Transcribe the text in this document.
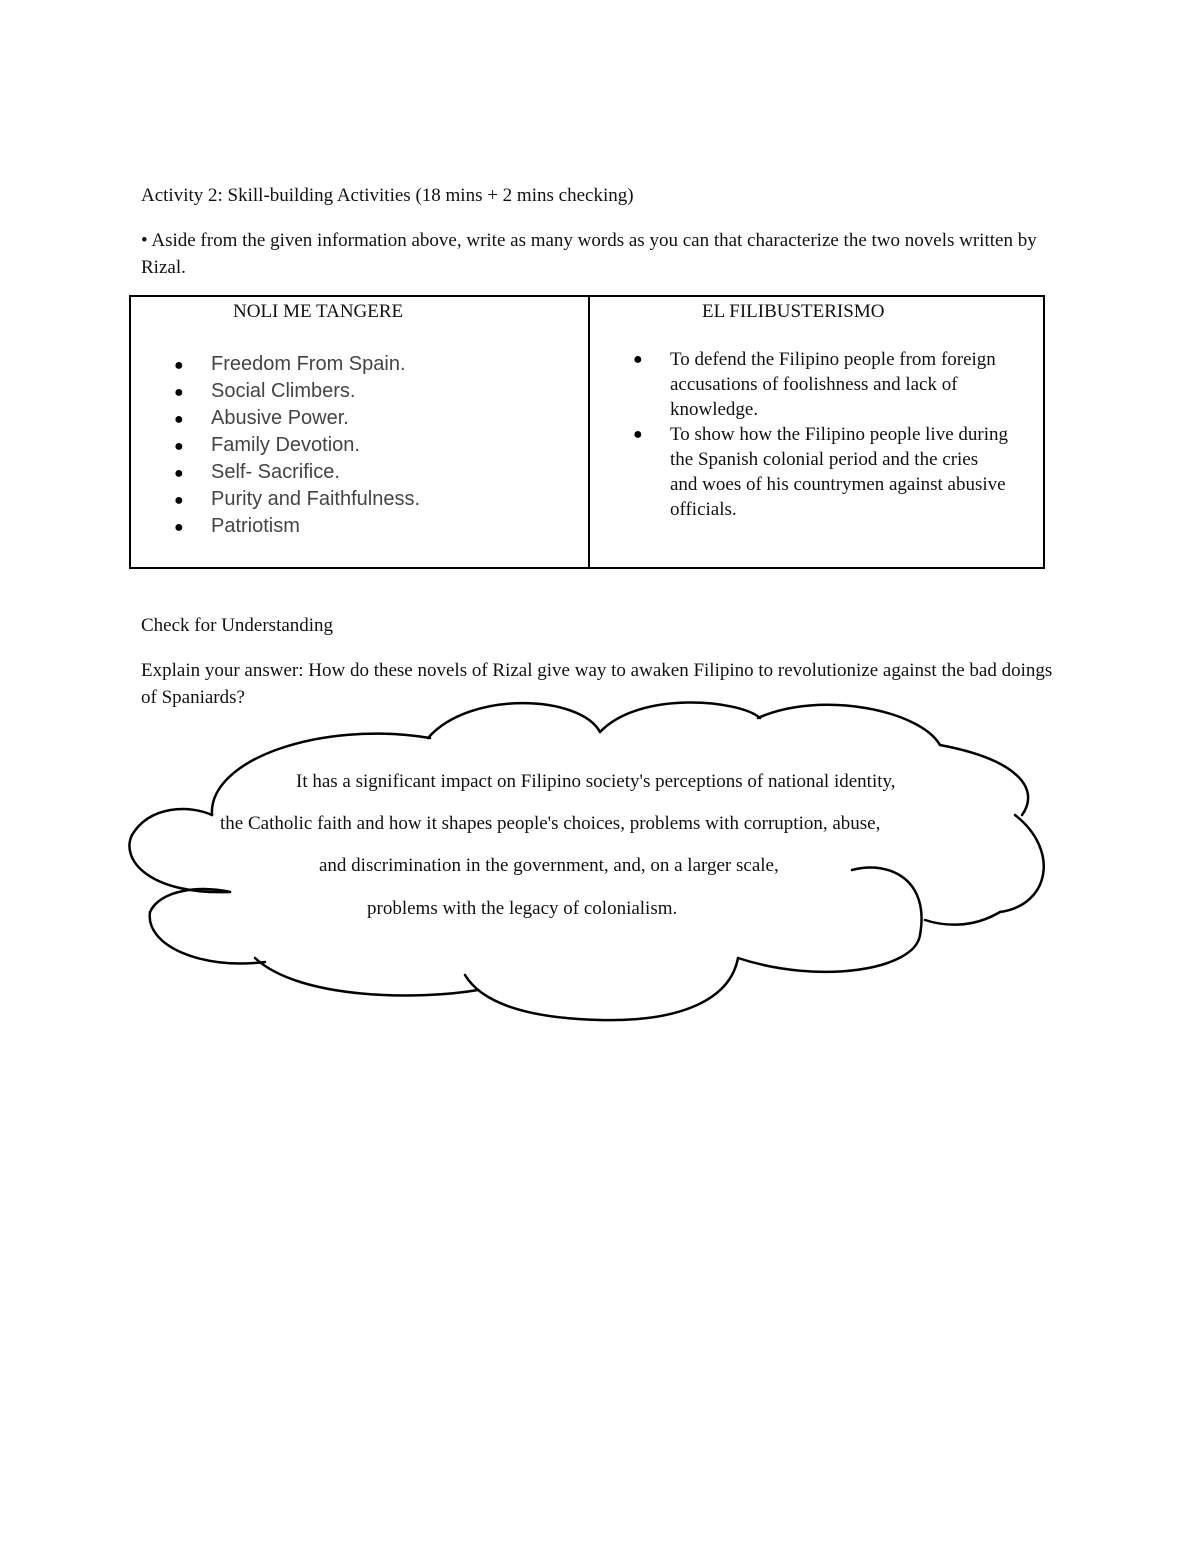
Activity 2: Skill-building Activities (18 mins + 2 mins checking)
• Aside from the given information above, write as many words as you can that characterize the two novels written by Rizal.
NOLI ME TANGERE
● Freedom From Spain.
● Social Climbers.
● Abusive Power.
● Family Devotion.
● Self- Sacrifice.
● Purity and Faithfulness.
● Patriotism
EL FILIBUSTERISMO
● To defend the Filipino people from foreign accusations of foolishness and lack of knowledge.
● To show how the Filipino people live during the Spanish colonial period and the cries and woes of his countrymen against abusive officials.
Check for Understanding
Explain your answer: How do these novels of Rizal give way to awaken Filipino to revolutionize against the bad doings of Spaniards?
It has a significant impact on Filipino society's perceptions of national identity,
the Catholic faith and how it shapes people's choices, problems with corruption, abuse,
and discrimination in the government, and, on a larger scale,
problems with the legacy of colonialism.
